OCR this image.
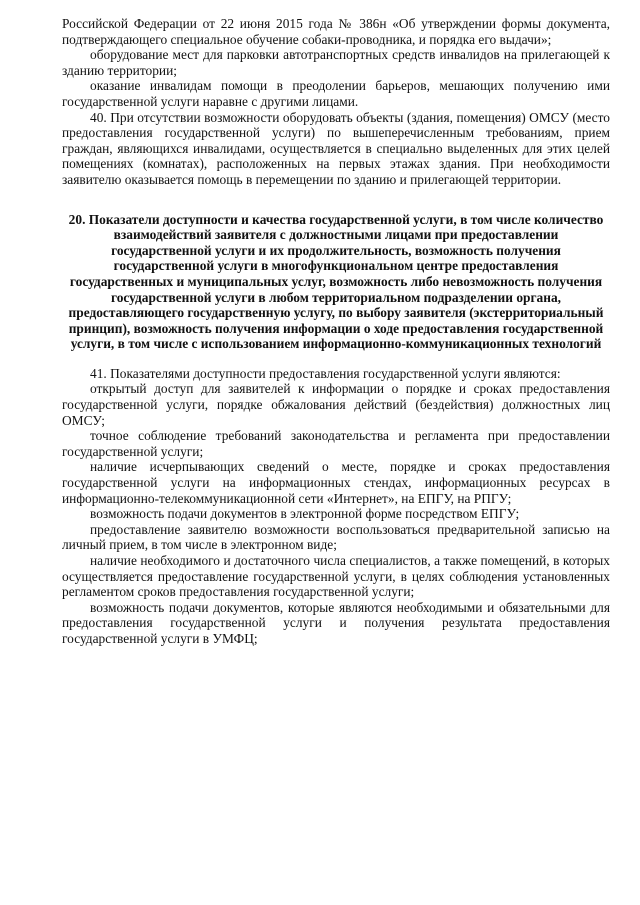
Российской Федерации от 22 июня 2015 года № 386н «Об утверждении формы документа, подтверждающего специальное обучение собаки-проводника, и порядка его выдачи»;

оборудование мест для парковки автотранспортных средств инвалидов на прилегающей к зданию территории;

оказание инвалидам помощи в преодолении барьеров, мешающих получению ими государственной услуги наравне с другими лицами.

40. При отсутствии возможности оборудовать объекты (здания, помещения) ОМСУ (место предоставления государственной услуги) по вышеперечисленным требованиям, прием граждан, являющихся инвалидами, осуществляется в специально выделенных для этих целей помещениях (комнатах), расположенных на первых этажах здания. При необходимости заявителю оказывается помощь в перемещении по зданию и прилегающей территории.

20. Показатели доступности и качества государственной услуги, в том числе количество взаимодействий заявителя с должностными лицами при предоставлении государственной услуги и их продолжительность, возможность получения государственной услуги в многофункциональном центре предоставления государственных и муниципальных услуг, возможность либо невозможность получения государственной услуги в любом территориальном подразделении органа, предоставляющего государственную услугу, по выбору заявителя (экстерриториальный принцип), возможность получения информации о ходе предоставления государственной услуги, в том числе с использованием информационно-коммуникационных технологий

41. Показателями доступности предоставления государственной услуги являются:

открытый доступ для заявителей к информации о порядке и сроках предоставления государственной услуги, порядке обжалования действий (бездействия) должностных лиц ОМСУ;

точное соблюдение требований законодательства и регламента при предоставлении государственной услуги;

наличие исчерпывающих сведений о месте, порядке и сроках предоставления государственной услуги на информационных стендах, информационных ресурсах в информационно-телекоммуникационной сети «Интернет», на ЕПГУ, на РПГУ;

возможность подачи документов в электронной форме посредством ЕПГУ;

предоставление заявителю возможности воспользоваться предварительной записью на личный прием, в том числе в электронном виде;

наличие необходимого и достаточного числа специалистов, а также помещений, в которых осуществляется предоставление государственной услуги, в целях соблюдения установленных регламентом сроков предоставления государственной услуги;

возможность подачи документов, которые являются необходимыми и обязательными для предоставления государственной услуги и получения результата предоставления государственной услуги в УМФЦ;
